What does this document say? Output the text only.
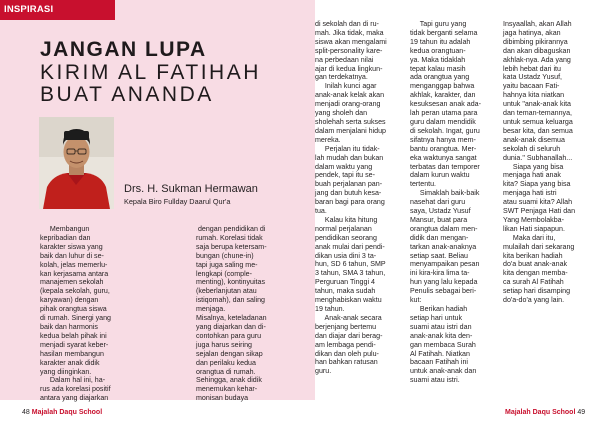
INSPIRASI
JANGAN LUPA
KIRIM AL FATIHAH
BUAT ANANDA
Drs. H. Sukman Hermawan
Kepala Biro Fullday Daarul Qur'a
Membangun
kepribadian dan
karakter siswa yang
baik dan luhur di se-
kolah, jelas memerlu-
kan kerjasama antara
manajemen sekolah
(kepala sekolah, guru,
karyawan) dengan
pihak orangtua siswa
di rumah. Sinergi yang
baik dan harmonis
kedua belah pihak ini
menjadi syarat keber-
hasilan membangun
karakter anak didik
yang diinginkan.
Dalam hal ini, ha-
rus ada korelasi positif
antara yang diajarkan
dengan pendidikan di
rumah. Korelasi tidak
saja berupa ketersam-
bungan (chune-in)
tapi juga saling me-
lengkapi (comple-
menting), kontinyuitas
(keberlanjutan atau
istiqomah), dan saling
menjaga.
Misalnya, keteladanan
yang diajarkan dan di-
contohkan para guru
juga harus seiring
sejalan dengan sikap
dan perilaku kedua
orangtua di rumah.
Sehingga, anak didik
menemukan kehar-
monisan budaya
di sekolah dan di ru-
mah. Jika tidak, maka
siswa akan mengalami
split-personality kare-
na perbedaan nilai
ajar di kedua lingkun-
gan terdekatnya.
Inilah kunci agar
anak-anak kelak akan
menjadi orang-orang
yang sholeh dan
sholehah serta sukses
dalam menjalani hidup
mereka.
Perjalan itu tidak-
lah mudah dan bukan
dalam waktu yang
pendek, tapi itu se-
buah perjalanan pan-
jang dan butuh kesa-
baran bagi para orang
tua.
Kalau kita hitung
normal perjalanan
pendidikan seorang
anak mulai dari pendi-
dikan usia dini 3 ta-
hun, SD 6 tahun, SMP
3 tahun, SMA 3 tahun,
Perguruan Tinggi 4
tahun, maka sudah
menghabiskan waktu
19 tahun.
Anak-anak secara
berjenjang bertemu
dan diajar dari berag-
am lembaga pendi-
dikan dan oleh pulu-
han bahkan ratusan
guru.
Tapi guru yang
tidak berganti selama
19 tahun itu adalah
kedua orangtuan-
ya. Maka tidaklah
tepat kalau masih
ada orangtua yang
menganggap bahwa
akhlak, karakter, dan
kesuksesan anak ada-
lah peran utama para
guru dalam mendidik
di sekolah. Ingat, guru
sifatnya hanya mem-
bantu orangtua. Mer-
eka waktunya sangat
terbatas dan temporer
dalam kurun waktu
tertentu.
Simaklah baik-baik
nasehat dari guru
saya, Ustadz Yusuf
Mansur, buat para
orangtua dalam men-
didik dan mengan-
tarkan anak-anaknya
setiap saat. Beliau
menyampaikan pesan
ini kira-kira lima ta-
hun yang lalu kepada
Penulis sebagai beri-
kut:
Berikan hadiah
setiap hari untuk
suami atau istri dan
anak-anak kita den-
gan membaca Surah
Al Fatihah. Niatkan
bacaan Fatihah ini
untuk anak-anak dan
suami atau istri.
Insyaallah, akan Allah
jaga hatinya, akan
dibimbing pikirannya
dan akan dibaguskan
akhlak-nya. Ada yang
lebih hebat dari itu
kata Ustadz Yusuf,
yaitu bacaan Fati-
hahnya kita niatkan
untuk "anak-anak kita
dan teman-temannya,
untuk semua keluarga
besar kita, dan semua
anak-anak disemua
sekolah di seluruh
dunia." Subhanallah...
Siapa yang bisa
menjaga hati anak
kita? Siapa yang bisa
menjaga hati istri
atau suami kita? Allah
SWT Penjaga Hati dan
Yang Membolakba-
likan Hati siapapun.
Maka dari itu,
mulailah dari sekarang
kita berikan hadiah
do'a buat anak-anak
kita dengan memba-
ca surah Al Fatihah
setiap hari disamping
do'a-do'a yang lain.
48 Majalah Daqu School	Majalah Daqu School 49
